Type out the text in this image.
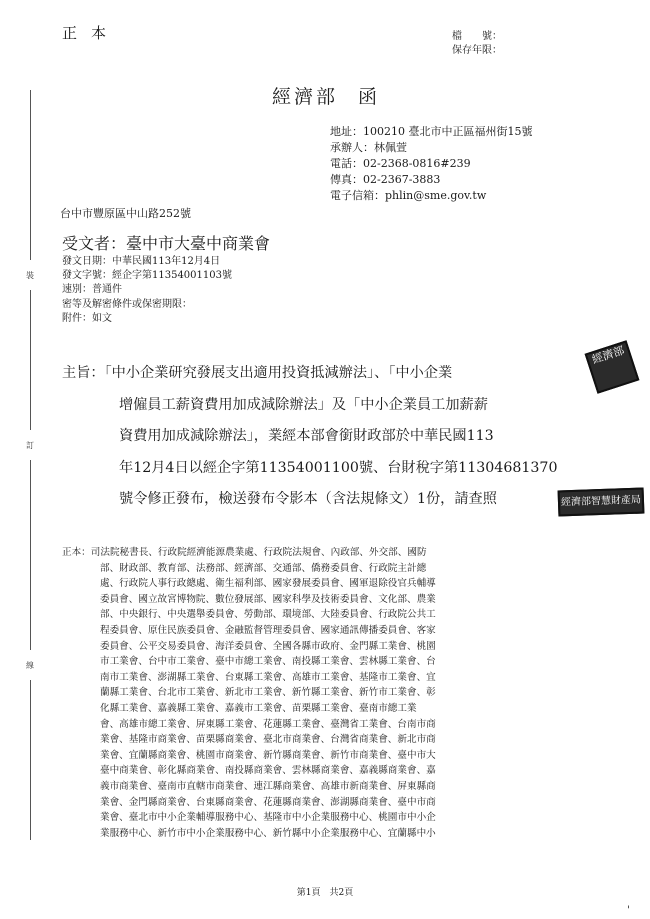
正本	檔　　號：
保存年限：
經濟部 函
地址：100210 臺北市中正區福州街15號
承辦人：林佩萱
電話：02-2368-0816#239
傳真：02-2367-3883
電子信箱：phlin@sme.gov.tw
台中市豐原區中山路252號
受文者：臺中市大臺中商業會
發文日期：中華民國113年12月4日
發文字號：經企字第11354001103號
速別：普通件
密等及解密條件或保密期限：
附件：如文
主旨：「中小企業研究發展支出適用投資抵減辦法」、「中小企業
增僱員工薪資費用加成減除辦法」及「中小企業員工加薪薪
資費用加成減除辦法」，業經本部會銜財政部於中華民國113
年12月4日以經企字第11354001100號、台財稅字第11304681370
號令修正發布，檢送發布令影本（含法規條文）1份，請查照
經濟部
經濟部智慧財產局
正本：司法院秘書長、行政院經濟能源農業處、行政院法規會、內政部、外交部、國防
部、財政部、教育部、法務部、經濟部、交通部、僑務委員會、行政院主計總
處、行政院人事行政總處、衛生福利部、國家發展委員會、國軍退除役官兵輔導
委員會、國立故宮博物院、數位發展部、國家科學及技術委員會、文化部、農業
部、中央銀行、中央選舉委員會、勞動部、環境部、大陸委員會、行政院公共工
程委員會、原住民族委員會、金融監督管理委員會、國家通訊傳播委員會、客家
委員會、公平交易委員會、海洋委員會、全國各縣市政府、金門縣工業會、桃園
市工業會、台中市工業會、臺中市總工業會、南投縣工業會、雲林縣工業會、台
南市工業會、澎湖縣工業會、台東縣工業會、高雄市工業會、基隆市工業會、宜
蘭縣工業會、台北市工業會、新北市工業會、新竹縣工業會、新竹市工業會、彰
化縣工業會、嘉義縣工業會、嘉義市工業會、苗栗縣工業會、臺南市總工業
會、高雄市總工業會、屏東縣工業會、花蓮縣工業會、臺灣省工業會、台南市商
業會、基隆市商業會、苗栗縣商業會、臺北市商業會、台灣省商業會、新北市商
業會、宜蘭縣商業會、桃園市商業會、新竹縣商業會、新竹市商業會、臺中市大
臺中商業會、彰化縣商業會、南投縣商業會、雲林縣商業會、嘉義縣商業會、嘉
義市商業會、臺南市直轄市商業會、連江縣商業會、高雄市新商業會、屏東縣商
業會、金門縣商業會、台東縣商業會、花蓮縣商業會、澎湖縣商業會、臺中市商
業會、臺北市中小企業輔導服務中心、基隆市中小企業服務中心、桃園市中小企
業服務中心、新竹市中小企業服務中心、新竹縣中小企業服務中心、宜蘭縣中小
裝
訂
線
第1頁　共2頁
'
